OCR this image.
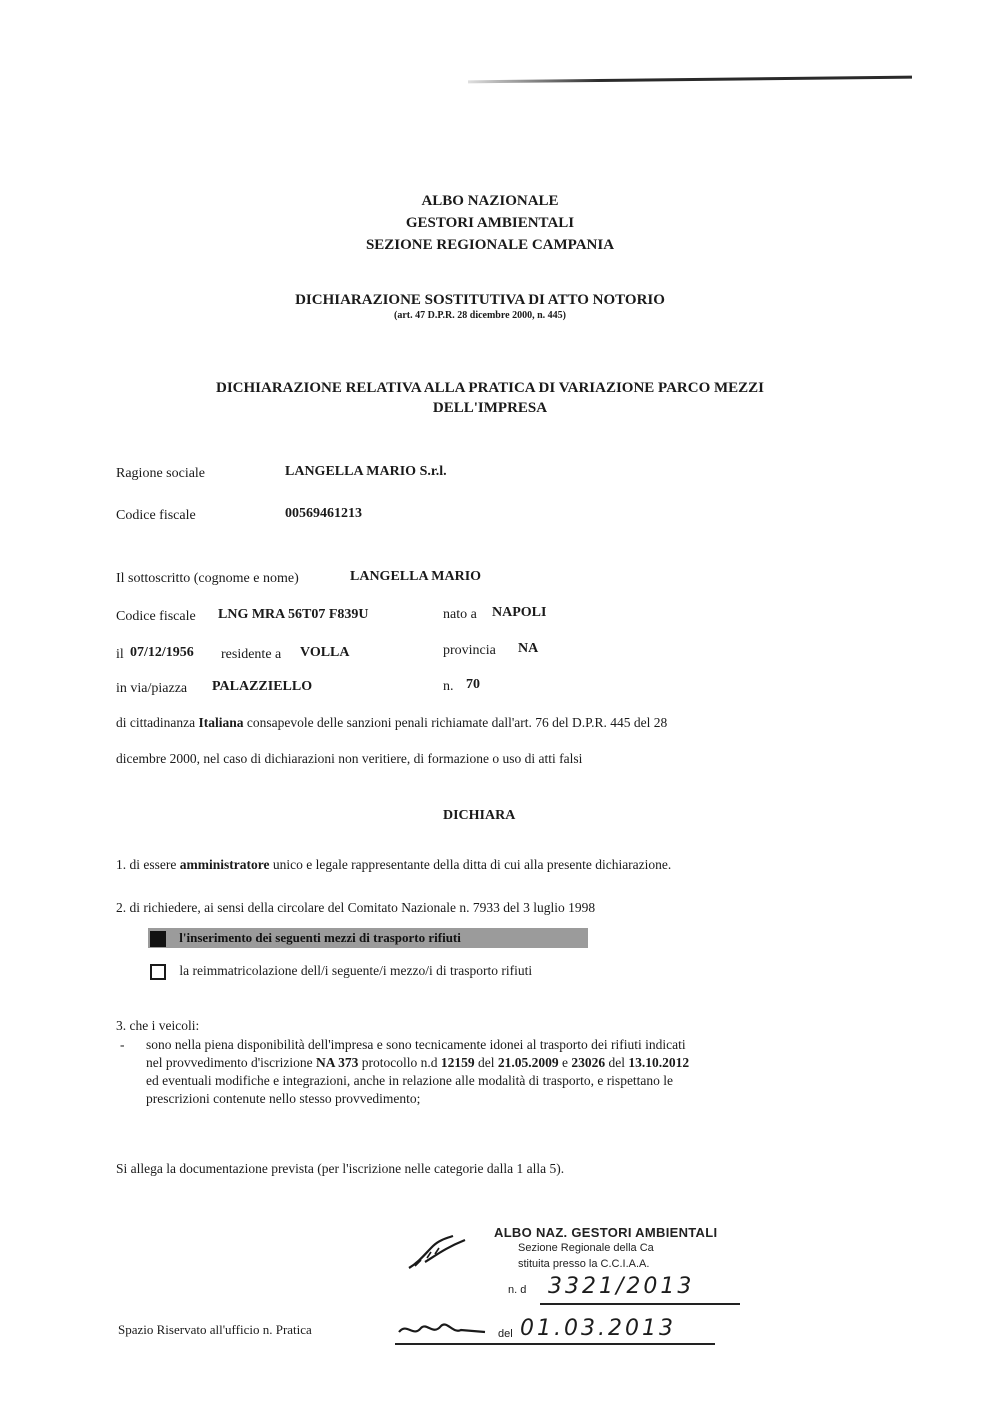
ALBO NAZIONALE
GESTORI AMBIENTALI
SEZIONE REGIONALE CAMPANIA
DICHIARAZIONE SOSTITUTIVA DI ATTO NOTORIO
(art. 47 D.P.R. 28 dicembre 2000, n. 445)
DICHIARAZIONE RELATIVA ALLA PRATICA DI VARIAZIONE PARCO MEZZI
DELL'IMPRESA
Ragione sociale	LANGELLA MARIO S.r.l.
Codice fiscale	00569461213
Il sottoscritto (cognome e nome)	LANGELLA MARIO
Codice fiscale LNG MRA 56T07 F839U	nato a NAPOLI
il 07/12/1956 residente a VOLLA	provincia NA
in via/piazza PALAZZIELLO	n. 70
di cittadinanza Italiana consapevole delle sanzioni penali richiamate dall'art. 76 del D.P.R. 445 del 28
dicembre 2000, nel caso di dichiarazioni non veritiere, di formazione o uso di atti falsi
DICHIARA
1. di essere amministratore unico e legale rappresentante della ditta di cui alla presente dichiarazione.
2. di richiedere, ai sensi della circolare del Comitato Nazionale n. 7933 del 3 luglio 1998
l'inserimento dei seguenti mezzi di trasporto rifiuti
la reimmatricolazione dell/i seguente/i mezzo/i di trasporto rifiuti
3. che i veicoli:
- sono nella piena disponibilità dell'impresa e sono tecnicamente idonei al trasporto dei rifiuti indicati
nel provvedimento d'iscrizione NA 373 protocollo n.d 12159 del 21.05.2009 e 23026 del 13.10.2012
ed eventuali modifiche e integrazioni, anche in relazione alle modalità di trasporto, e rispettano le
prescrizioni contenute nello stesso provvedimento;
Si allega la documentazione prevista (per l'iscrizione nelle categorie dalla 1 alla 5).
ALBO NAZ. GESTORI AMBIENTALI
Sezione Regionale della Ca
stituita presso la C.C.I.A.A.
n. d 3321/2013
Spazio Riservato all'ufficio n. Pratica	del 01.03.2013
